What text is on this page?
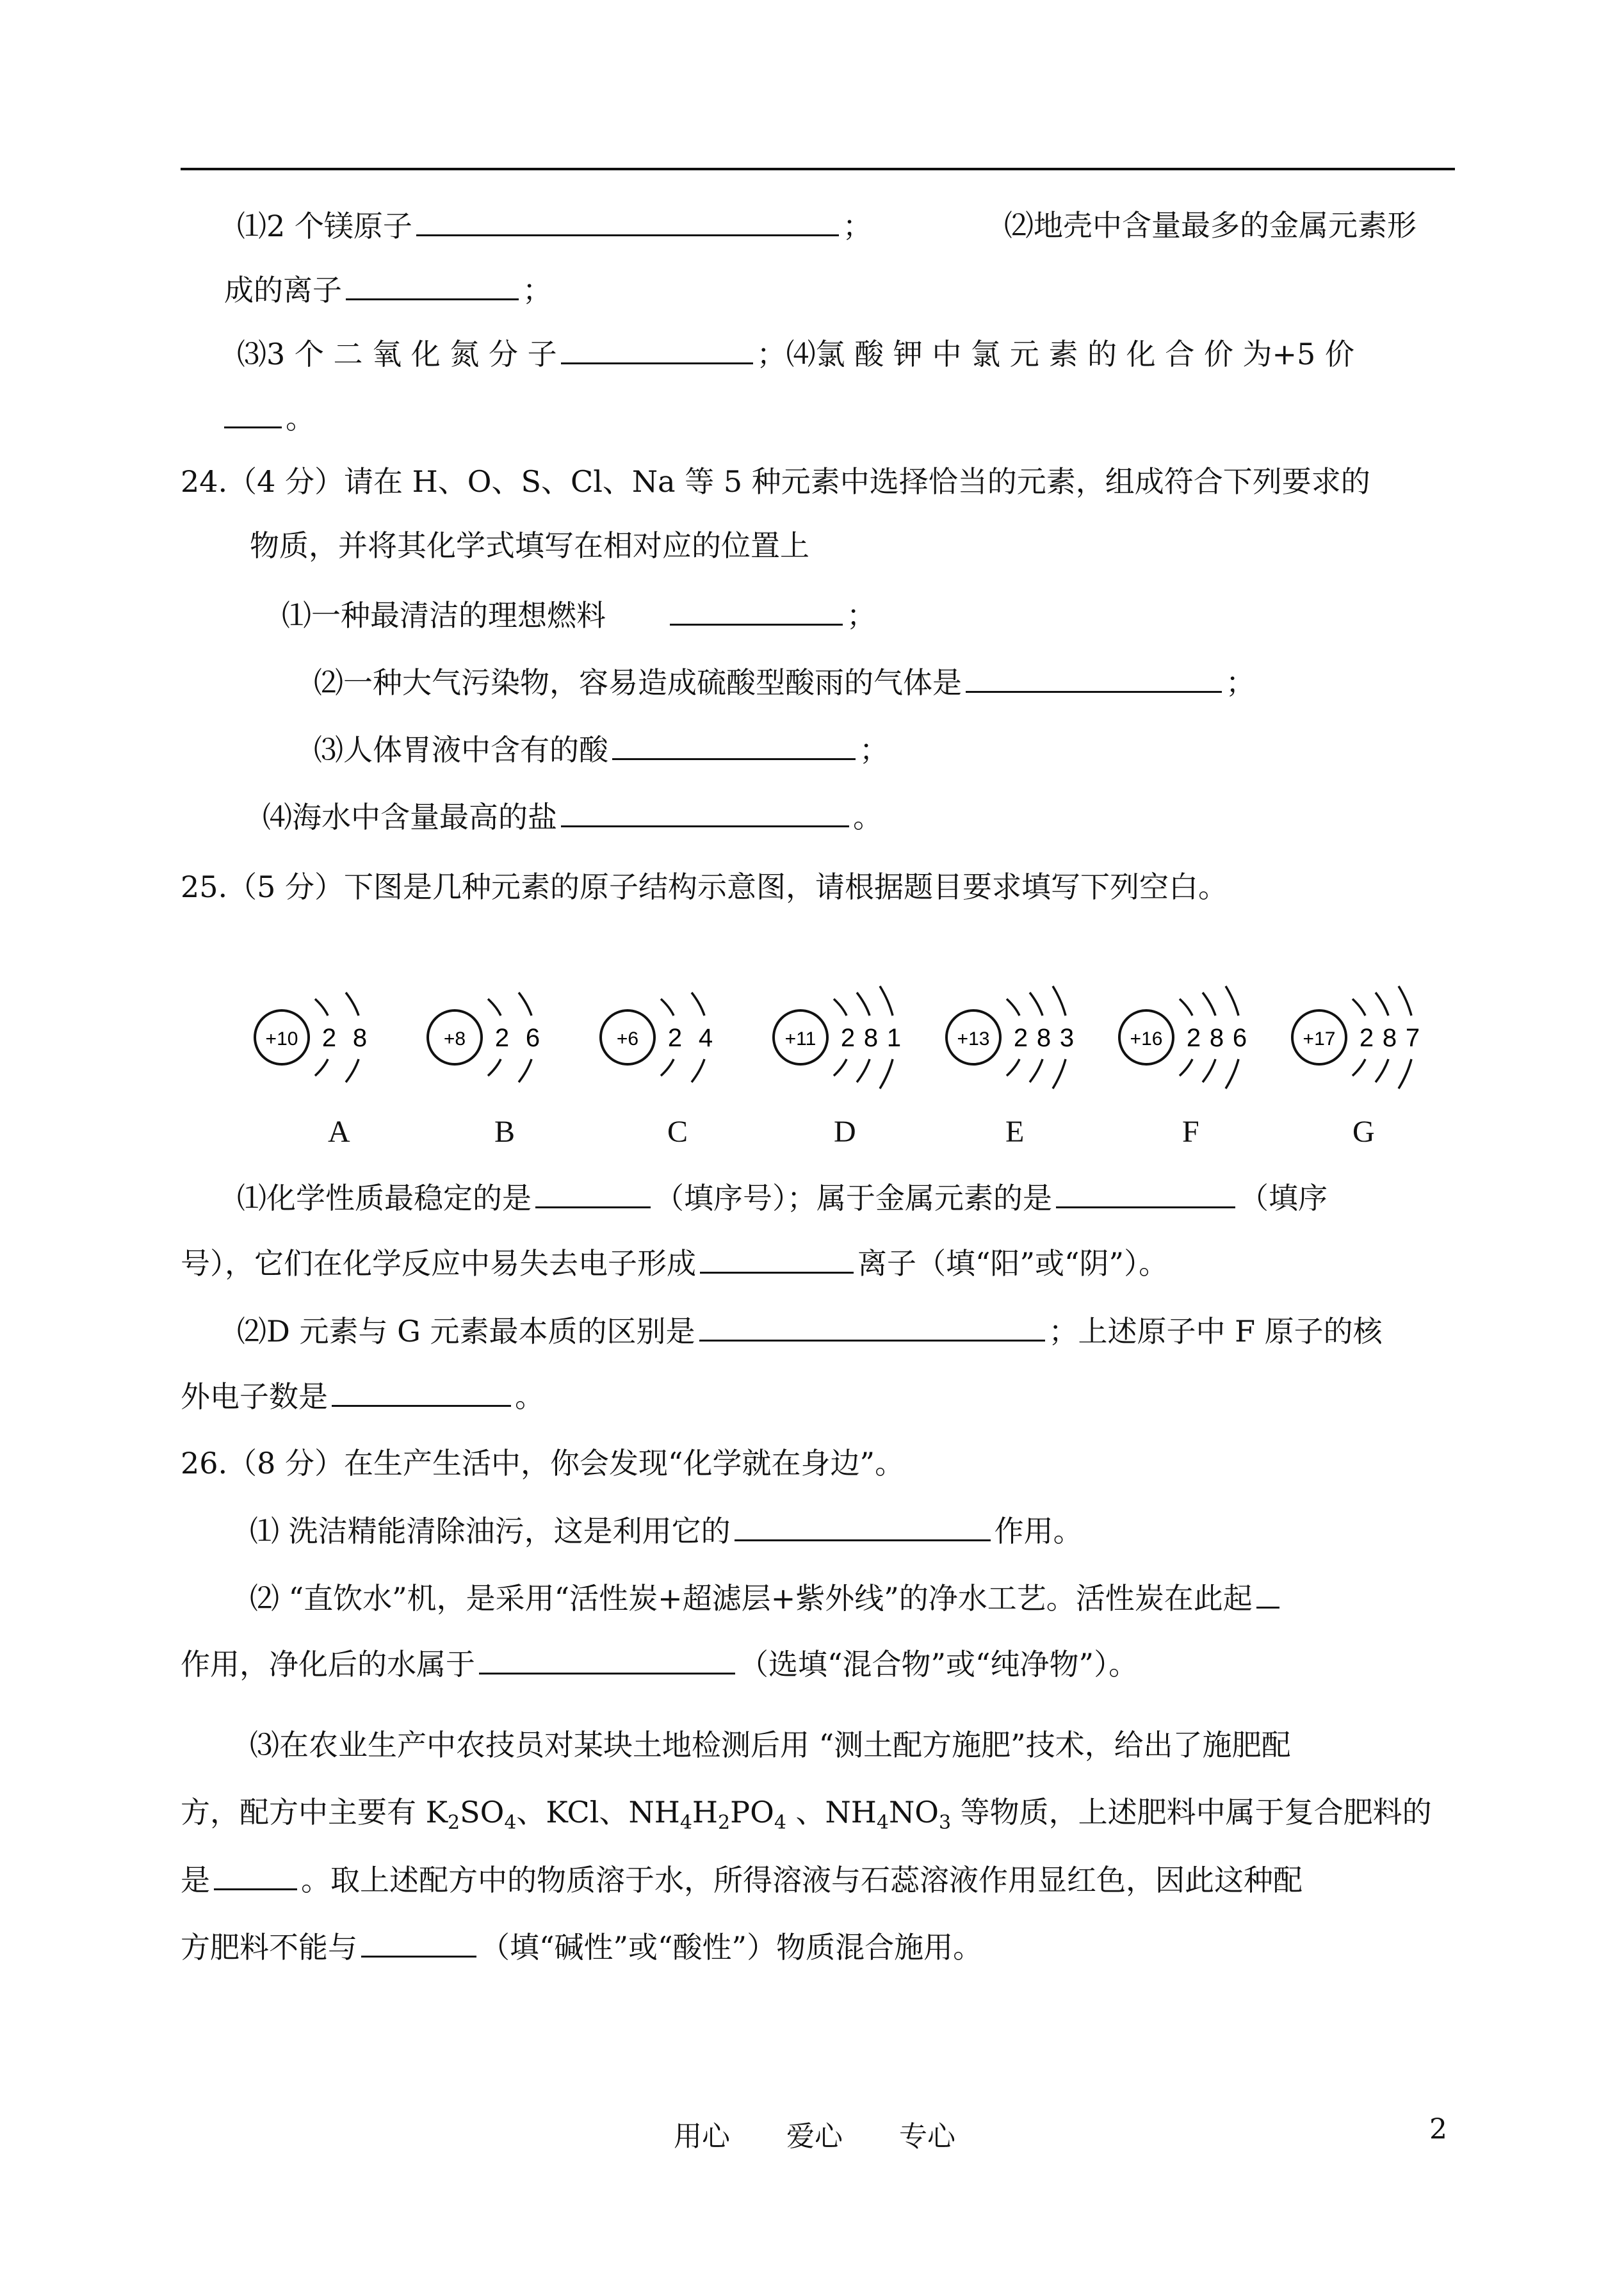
⑴2 个镁原子	；	⑵地壳中含量最多的金属元素形
成的离子	；
⑶3 个 二 氧 化 氮 分 子	；⑷氯 酸 钾 中 氯 元 素 的 化 合 价 为+5 价
。
24.（4 分）请在 H、O、S、Cl、Na 等 5 种元素中选择恰当的元素，组成符合下列要求的
物质，并将其化学式填写在相对应的位置上
⑴一种最清洁的理想燃料	；
⑵一种大气污染物，容易造成硫酸型酸雨的气体是	；
⑶人体胃液中含有的酸	；
⑷海水中含量最高的盐	。
25.（5 分）下图是几种元素的原子结构示意图，请根据题目要求填写下列空白。
+10 2 8	+8 2 6	+6 2 4	+11 2 8 1	+13 2 8 3	+16 2 8 6	+17 2 8 7
A	B	C	D	E	F	G
⑴化学性质最稳定的是	（填序号）；属于金属元素的是	（填序
号），它们在化学反应中易失去电子形成	离子（填“阳”或“阴”）。
⑵D 元素与 G 元素最本质的区别是	；上述原子中 F 原子的核
外电子数是	。
26.（8 分）在生产生活中，你会发现“化学就在身边”。
⑴ 洗洁精能清除油污，这是利用它的	作用。
⑵ “直饮水”机，是采用“活性炭+超滤层+紫外线”的净水工艺。活性炭在此起
作用，净化后的水属于	（选填“混合物”或“纯净物”）。
⑶在农业生产中农技员对某块土地检测后用 “测土配方施肥”技术，给出了施肥配
方，配方中主要有 $K_2SO_4$、KCl、$NH_4H_2PO_4$ 、$NH_4NO_3$ 等物质，上述肥料中属于复合肥料的
是	。取上述配方中的物质溶于水，所得溶液与石蕊溶液作用显红色，因此这种配
方肥料不能与	（填“碱性”或“酸性”）物质混合施用。
用心　　爱心　　专心	2
